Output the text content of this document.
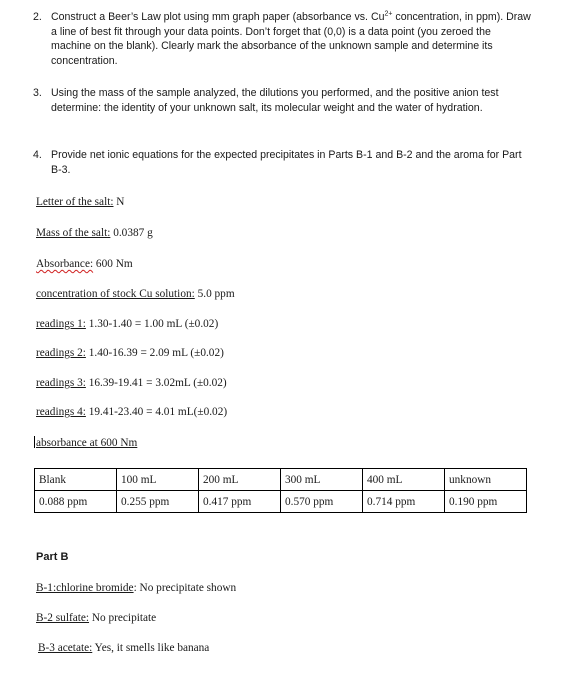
2. Construct a Beer’s Law plot using mm graph paper (absorbance vs. $Cu^{2+}$ concentration, in ppm). Draw a line of best fit through your data points. Don’t forget that (0,0) is a data point (you zeroed the machine on the blank). Clearly mark the absorbance of the unknown sample and determine its concentration.
3. Using the mass of the sample analyzed, the dilutions you performed, and the positive anion test determine: the identity of your unknown salt, its molecular weight and the water of hydration.
4. Provide net ionic equations for the expected precipitates in Parts B-1 and B-2 and the aroma for Part B-3.
Letter of the salt: N
Mass of the salt: 0.0387 g
Absorbance: 600 Nm
concentration of stock Cu solution: 5.0 ppm
readings 1: 1.30-1.40 = 1.00 mL (±0.02)
readings 2: 1.40-16.39 = 2.09 mL (±0.02)
readings 3: 16.39-19.41 = 3.02mL (±0.02)
readings 4: 19.41-23.40 = 4.01 mL(±0.02)
absorbance at 600 Nm
Blank	100 mL	200 mL	300 mL	400 mL	unknown
0.088 ppm	0.255 ppm	0.417 ppm	0.570 ppm	0.714 ppm	0.190 ppm
Part B
B-1:chlorine bromide: No precipitate shown
B-2 sulfate: No precipitate
B-3 acetate: Yes, it smells like banana
